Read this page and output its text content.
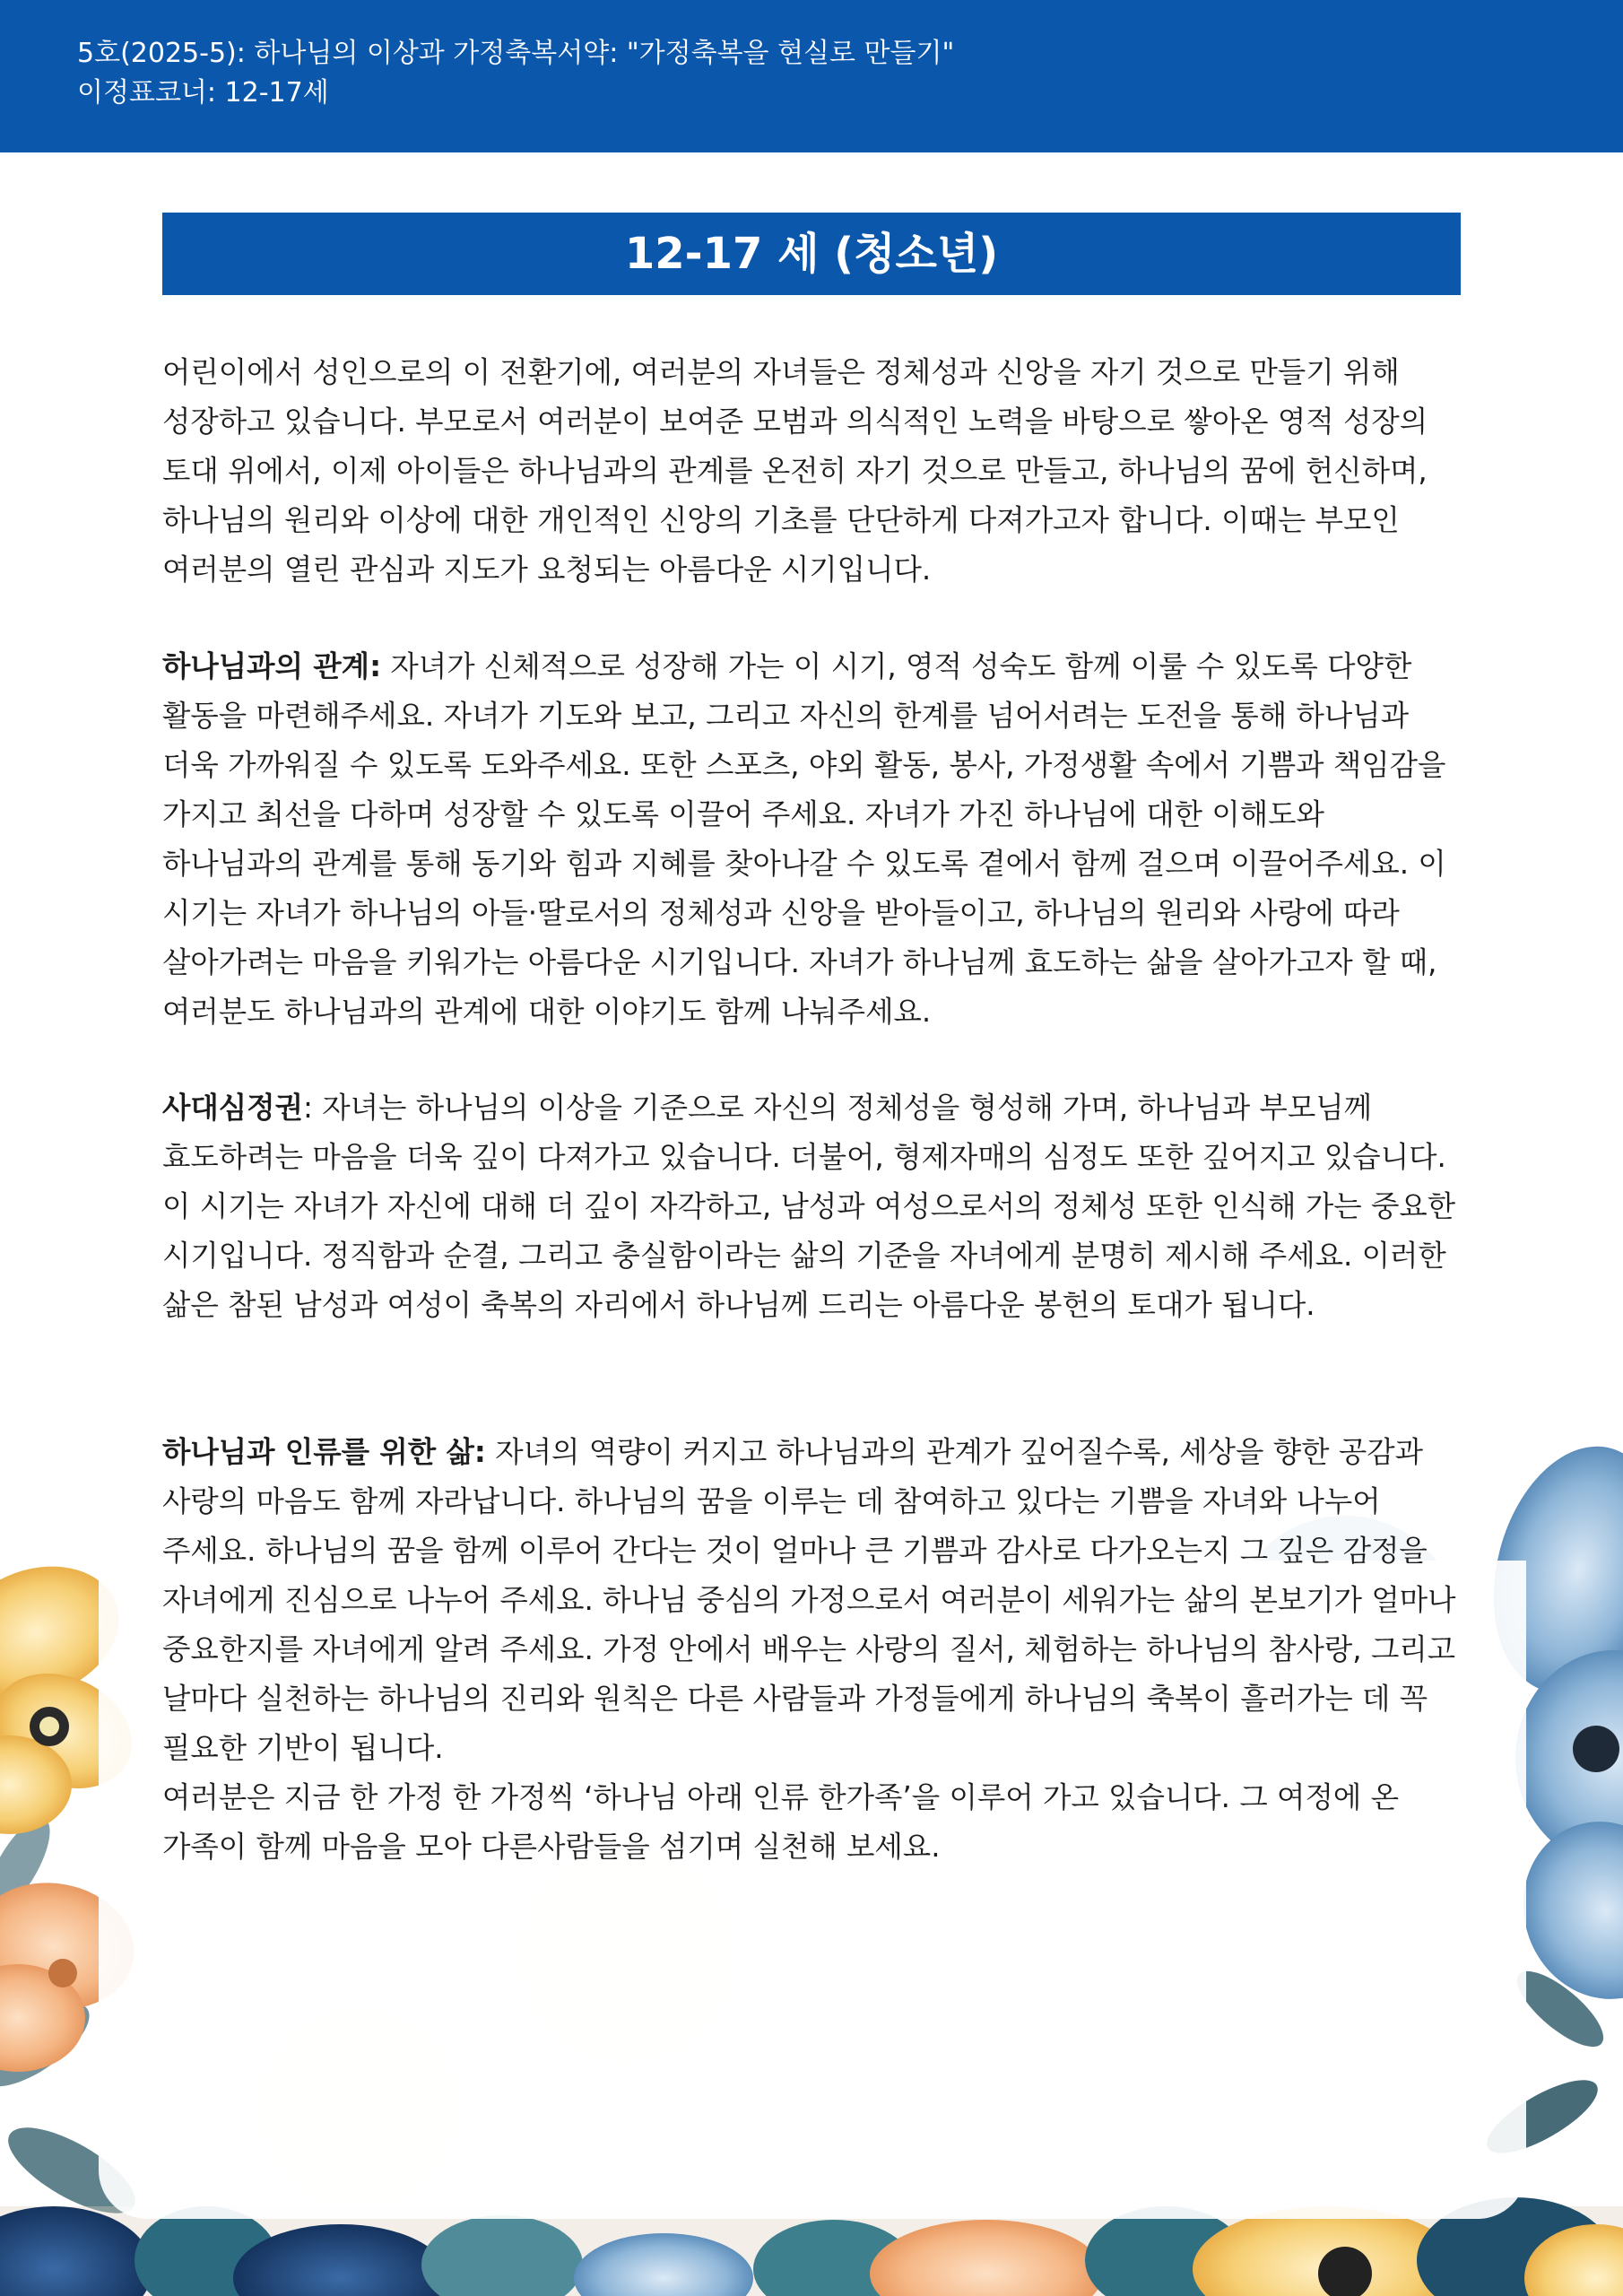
5호(2025-5): 하나님의 이상과 가정축복서약: "가정축복을 현실로 만들기"
이정표코너: 12-17세
12-17 세 (청소년)

어린이에서 성인으로의 이 전환기에, 여러분의 자녀들은 정체성과 신앙을 자기 것으로 만들기 위해 성장하고 있습니다. 부모로서 여러분이 보여준 모범과 의식적인 노력을 바탕으로 쌓아온 영적 성장의 토대 위에서, 이제 아이들은 하나님과의 관계를 온전히 자기 것으로 만들고, 하나님의 꿈에 헌신하며, 하나님의 원리와 이상에 대한 개인적인 신앙의 기초를 단단하게 다져가고자 합니다. 이때는 부모인 여러분의 열린 관심과 지도가 요청되는 아름다운 시기입니다.

하나님과의 관계: 자녀가 신체적으로 성장해 가는 이 시기, 영적 성숙도 함께 이룰 수 있도록 다양한 활동을 마련해주세요. 자녀가 기도와 보고, 그리고 자신의 한계를 넘어서려는 도전을 통해 하나님과 더욱 가까워질 수 있도록 도와주세요. 또한 스포츠, 야외 활동, 봉사, 가정생활 속에서 기쁨과 책임감을 가지고 최선을 다하며 성장할 수 있도록 이끌어 주세요. 자녀가 가진 하나님에 대한 이해도와 하나님과의 관계를 통해 동기와 힘과 지혜를 찾아나갈 수 있도록 곁에서 함께 걸으며 이끌어주세요. 이 시기는 자녀가 하나님의 아들·딸로서의 정체성과 신앙을 받아들이고, 하나님의 원리와 사랑에 따라 살아가려는 마음을 키워가는 아름다운 시기입니다. 자녀가 하나님께 효도하는 삶을 살아가고자 할 때, 여러분도 하나님과의 관계에 대한 이야기도 함께 나눠주세요.

사대심정권: 자녀는 하나님의 이상을 기준으로 자신의 정체성을 형성해 가며, 하나님과 부모님께 효도하려는 마음을 더욱 깊이 다져가고 있습니다. 더불어, 형제자매의 심정도 또한 깊어지고 있습니다. 이 시기는 자녀가 자신에 대해 더 깊이 자각하고, 남성과 여성으로서의 정체성 또한 인식해 가는 중요한 시기입니다. 정직함과 순결, 그리고 충실함이라는 삶의 기준을 자녀에게 분명히 제시해 주세요. 이러한 삶은 참된 남성과 여성이 축복의 자리에서 하나님께 드리는 아름다운 봉헌의 토대가 됩니다.

하나님과 인류를 위한 삶: 자녀의 역량이 커지고 하나님과의 관계가 깊어질수록, 세상을 향한 공감과 사랑의 마음도 함께 자라납니다. 하나님의 꿈을 이루는 데 참여하고 있다는 기쁨을 자녀와 나누어 주세요. 하나님의 꿈을 함께 이루어 간다는 것이 얼마나 큰 기쁨과 감사로 다가오는지 그 깊은 감정을 자녀에게 진심으로 나누어 주세요. 하나님 중심의 가정으로서 여러분이 세워가는 삶의 본보기가 얼마나 중요한지를 자녀에게 알려 주세요. 가정 안에서 배우는 사랑의 질서, 체험하는 하나님의 참사랑, 그리고 날마다 실천하는 하나님의 진리와 원칙은 다른 사람들과 가정들에게 하나님의 축복이 흘러가는 데 꼭 필요한 기반이 됩니다.

여러분은 지금 한 가정 한 가정씩 ‘하나님 아래 인류 한가족’을 이루어 가고 있습니다. 그 여정에 온 가족이 함께 마음을 모아 다른사람들을 섬기며 실천해 보세요.
